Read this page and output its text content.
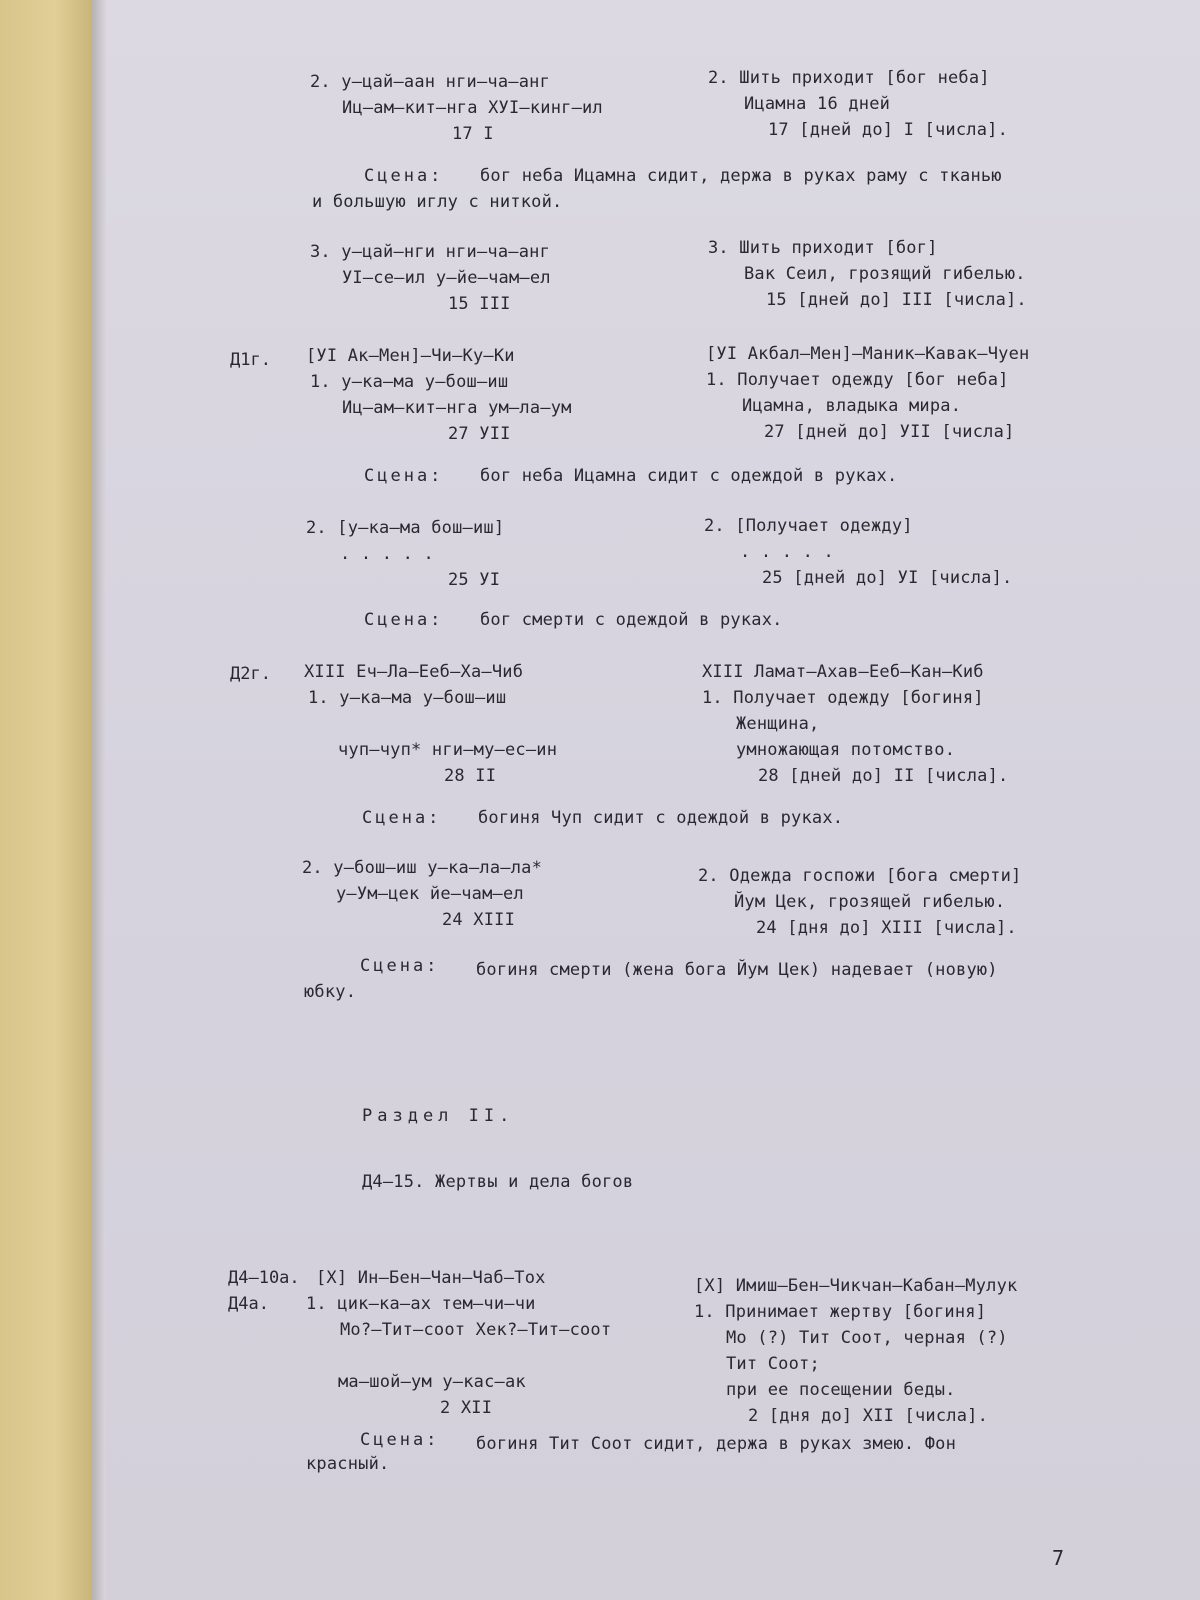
2. у–цай–аан нги–ча–анг
Иц–ам–кит–нга XУI–кинг–ил
17 I
2. Шить приходит [бог неба]
Ицамна 16 дней
17 [дней до] I [числа].
Сцена: бог неба Ицамна сидит, держа в руках раму с тканью
и большую иглу с ниткой.
3. у–цай–нги нги–ча–анг
УI–се–ил у–йе–чам–ел
15 III
3. Шить приходит [бог]
Вак Сеил, грозящий гибелью.
15 [дней до] III [числа].
Д1г. [УI Ак–Мен]–Чи–Ку–Ки
1. у–ка–ма у–бош–иш
Иц–ам–кит–нга ум–ла–ум
27 УII
[УI Акбал–Мен]–Маник–Кавак–Чуен
1. Получает одежду [бог неба]
Ицамна, владыка мира.
27 [дней до] УII [числа]
Сцена: бог неба Ицамна сидит с одеждой в руках.
2. [у–ка–ма бош–иш]
. . . . .
25 УI
2. [Получает одежду]
. . . . .
25 [дней до] УI [числа].
Сцена: бог смерти с одеждой в руках.
Д2г. XIII Еч–Ла–Еeб–Ха–Чиб
1. у–ка–ма у–бош–иш
чуп–чуп* нги–му–ес–ин
28 II
XIII Ламат–Ахав–Еeб–Кан–Киб
1. Получает одежду [богиня]
Женщина,
умножающая потомство.
28 [дней до] II [числа].
Сцена: богиня Чуп сидит с одеждой в руках.
2. у–бош–иш у–ка–ла–ла*
у–Ум–цек йе–чам–ел
24 XIII
2. Одежда госпожи [бога смерти]
Йум Цек, грозящей гибелью.
24 [дня до] XIII [числа].
Сцена: богиня смерти (жена бога Йум Цек) надевает (новую)
юбку.
Раздел II.
Д4–15. Жертвы и дела богов
Д4–10а.
Д4а.
[X] Ин–Бен–Чан–Чаб–Тох
1. цик–ка–ах тем–чи–чи
Мо?–Тит–соот Хек?–Тит–соот
ма–шой–ум у–кас–ак
2 XII
[X] Имиш–Бен–Чикчан–Кабан–Мулук
1. Принимает жертву [богиня]
Мо (?) Тит Соот, черная (?)
Тит Соот;
при ее посещении беды.
2 [дня до] XII [числа].
Сцена: богиня Тит Соот сидит, держа в руках змею. Фон
красный.
7
